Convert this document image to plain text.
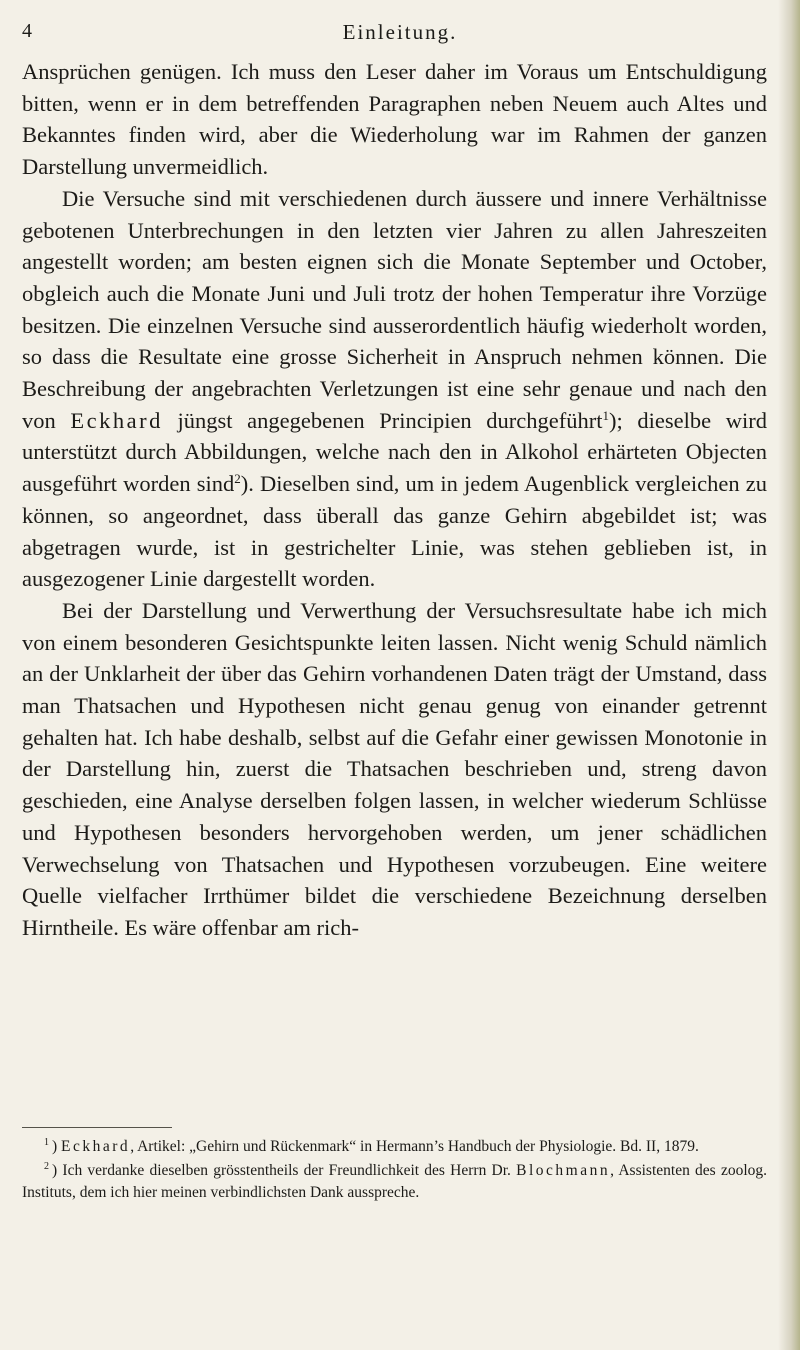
4	Einleitung.

Ansprüchen genügen. Ich muss den Leser daher im Voraus um Entschuldigung bitten, wenn er in dem betreffenden Paragraphen neben Neuem auch Altes und Bekanntes finden wird, aber die Wiederholung war im Rahmen der ganzen Darstellung unvermeidlich.

Die Versuche sind mit verschiedenen durch äussere und innere Verhältnisse gebotenen Unterbrechungen in den letzten vier Jahren zu allen Jahreszeiten angestellt worden; am besten eignen sich die Monate September und October, obgleich auch die Monate Juni und Juli trotz der hohen Temperatur ihre Vorzüge besitzen. Die einzelnen Versuche sind ausserordentlich häufig wiederholt worden, so dass die Resultate eine grosse Sicherheit in Anspruch nehmen können. Die Beschreibung der angebrachten Verletzungen ist eine sehr genaue und nach den von Eckhard jüngst angegebenen Principien durchgeführt$^1$); dieselbe wird unterstützt durch Abbildungen, welche nach den in Alkohol erhärteten Objecten ausgeführt worden sind$^2$). Dieselben sind, um in jedem Augenblick vergleichen zu können, so angeordnet, dass überall das ganze Gehirn abgebildet ist; was abgetragen wurde, ist in gestrichelter Linie, was stehen geblieben ist, in ausgezogener Linie dargestellt worden.

Bei der Darstellung und Verwerthung der Versuchsresultate habe ich mich von einem besonderen Gesichtspunkte leiten lassen. Nicht wenig Schuld nämlich an der Unklarheit der über das Gehirn vorhandenen Daten trägt der Umstand, dass man Thatsachen und Hypothesen nicht genau genug von einander getrennt gehalten hat. Ich habe deshalb, selbst auf die Gefahr einer gewissen Monotonie in der Darstellung hin, zuerst die Thatsachen beschrieben und, streng davon geschieden, eine Analyse derselben folgen lassen, in welcher wiederum Schlüsse und Hypothesen besonders hervorgehoben werden, um jener schädlichen Verwechselung von Thatsachen und Hypothesen vorzubeugen. Eine weitere Quelle vielfacher Irrthümer bildet die verschiedene Bezeichnung derselben Hirntheile. Es wäre offenbar am rich-

$^1$ ) Eckhard, Artikel: „Gehirn und Rückenmark“ in Hermann’s Handbuch der Physiologie. Bd. II, 1879.

$^2$ ) Ich verdanke dieselben grösstentheils der Freundlichkeit des Herrn Dr. Blochmann, Assistenten des zoolog. Instituts, dem ich hier meinen verbindlichsten Dank ausspreche.
